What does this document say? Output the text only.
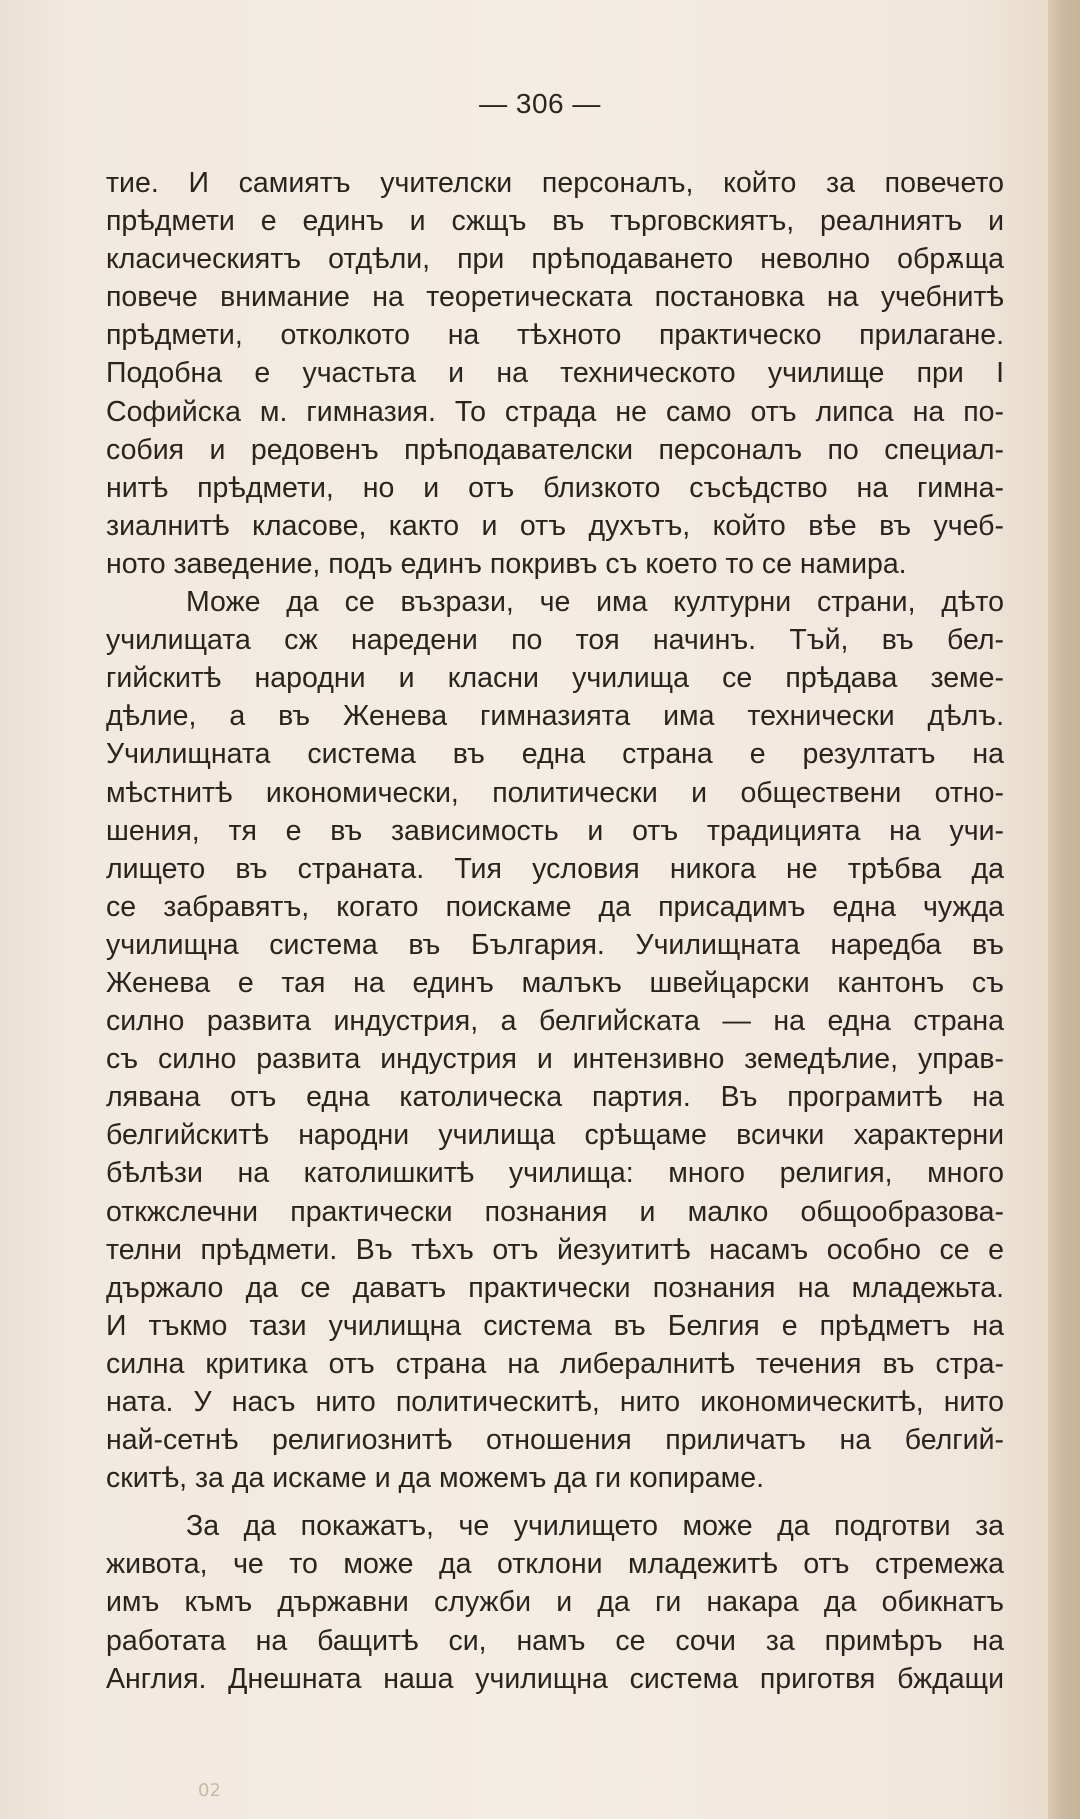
— 306 —
тие. И самиятъ учителски персоналъ, който за повечето
прѣдмети е единъ и сжщъ въ търговскиятъ, реалниятъ и
класическиятъ отдѣли, при прѣподаването неволно обрѫща
повече внимание на теоретическата постановка на учебнитѣ
прѣдмети, отколкото на тѣхното практическо прилагане.
Подобна е участьта и на техническото училище при I
Софийска м. гимназия. То страда не само отъ липса на по-
собия и редовенъ прѣподавателски персоналъ по специал-
нитѣ прѣдмети, но и отъ близкото съсѣдство на гимна-
зиалнитѣ класове, както и отъ духътъ, който вѣе въ учеб-
ното заведение, подъ единъ покривъ съ което то се намира.
Може да се възрази, че има културни страни, дѣто
училищата сж наредени по тоя начинъ. Тъй, въ бел-
гийскитѣ народни и класни училища се прѣдава земе-
дѣлие, а въ Женева гимназията има технически дѣлъ.
Училищната система въ една страна е резултатъ на
мѣстнитѣ икономически, политически и обществени отно-
шения, тя е въ зависимость и отъ традицията на учи-
лището въ страната. Тия условия никога не трѣбва да
се забравятъ, когато поискаме да присадимъ една чужда
училищна система въ България. Училищната наредба въ
Женева е тая на единъ малъкъ швейцарски кантонъ съ
силно развита индустрия, а белгийската — на една страна
съ силно развита индустрия и интензивно земедѣлие, управ-
лявана отъ една католическа партия. Въ програмитѣ на
белгийскитѣ народни училища срѣщаме всички характерни
бѣлѣзи на католишкитѣ училища: много религия, много
откжслечни практически познания и малко общообразова-
телни прѣдмети. Въ тѣхъ отъ йезуититѣ насамъ особно се е
държало да се даватъ практически познания на младежьта.
И тъкмо тази училищна система въ Белгия е прѣдметъ на
силна критика отъ страна на либералнитѣ течения въ стра-
ната. У насъ нито политическитѣ, нито икономическитѣ, нито
най-сетнѣ религиознитѣ отношения приличатъ на белгий-
скитѣ, за да искаме и да можемъ да ги копираме.
За да покажатъ, че училището може да подготви за
живота, че то може да отклони младежитѣ отъ стремежа
имъ къмъ държавни служби и да ги накара да обикнатъ
работата на бащитѣ си, намъ се сочи за примѣръ на
Англия. Днешната наша училищна система приготвя бждащи
02
